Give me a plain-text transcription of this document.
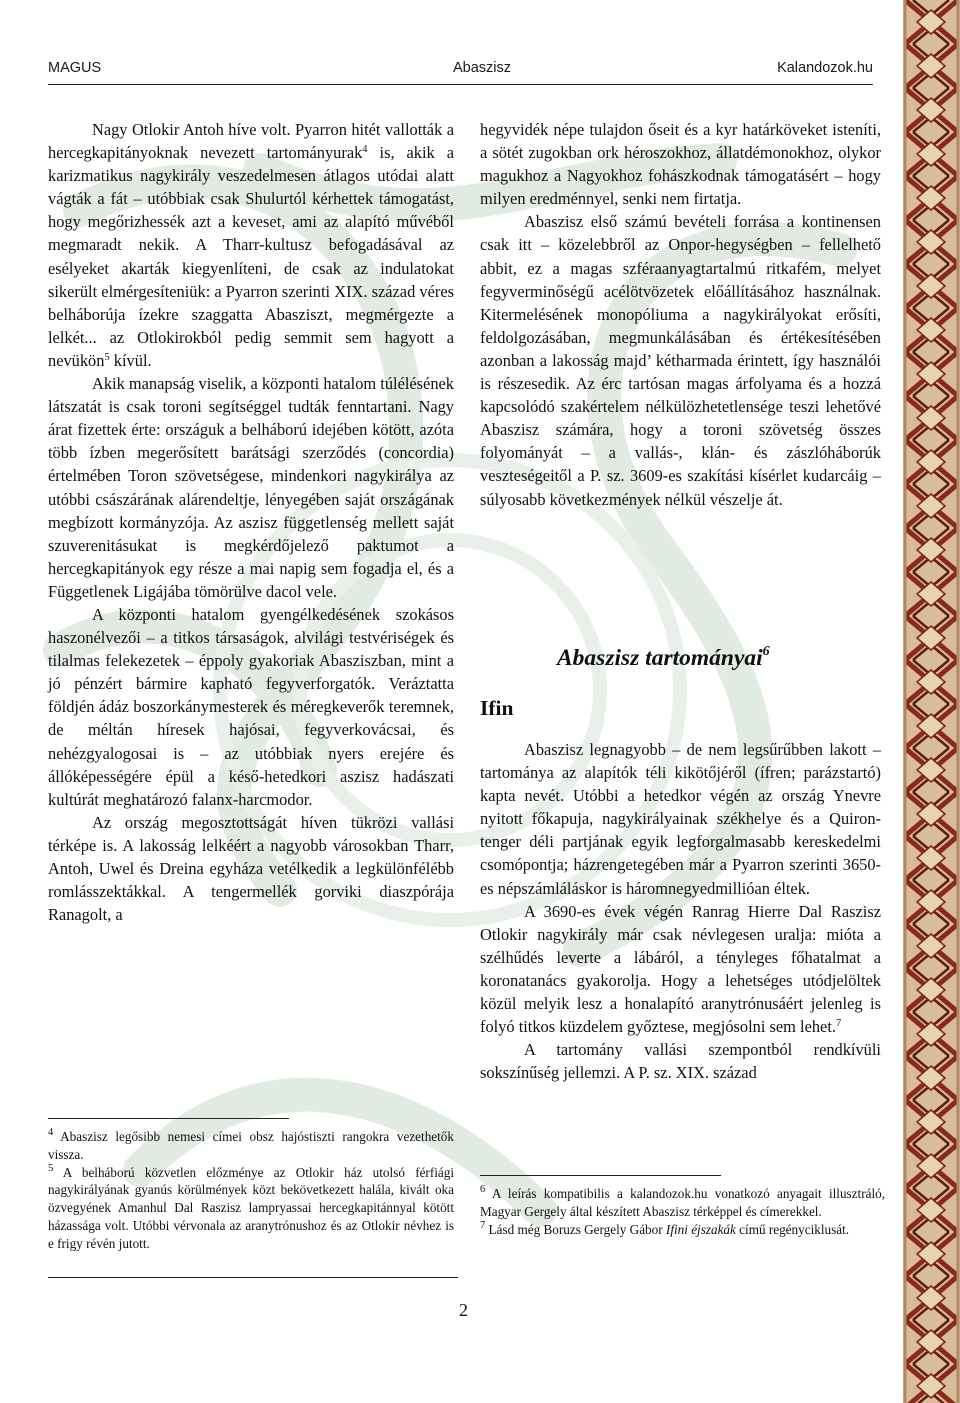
MAGUS	Abaszisz	Kalandozok.hu

Nagy Otlokir Antoh híve volt. Pyarron hitét vallották a hercegkapitányoknak nevezett tartományurak$^4$ is, akik a karizmatikus nagykirály veszedelmesen átlagos utódai alatt vágták a fát – utóbbiak csak Shulurtól kérhettek támogatást, hogy megőrizhessék azt a keveset, ami az alapító művéből megmaradt nekik. A Tharr-kultusz befogadásával az esélyeket akarták kiegyenlíteni, de csak az indulatokat sikerült elmérgesíteniük: a Pyarron szerinti XIX. század véres belháborúja ízekre szaggatta Abasziszt, megmérgezte a lelkét... az Otlokirokból pedig semmit sem hagyott a nevükön$^5$ kívül.

Akik manapság viselik, a központi hatalom túlélésének látszatát is csak toroni segítséggel tudták fenntartani. Nagy árat fizettek érte: országuk a belháború idejében kötött, azóta több ízben megerősített barátsági szerződés (concordia) értelmében Toron szövetségese, mindenkori nagykirálya az utóbbi császárának alárendeltje, lényegében saját országának megbízott kormányzója. Az aszisz függetlenség mellett saját szuverenitásukat is megkérdőjelező paktumot a hercegkapitányok egy része a mai napig sem fogadja el, és a Függetlenek Ligájába tömörülve dacol vele.

A központi hatalom gyengélkedésének szokásos haszonélvezői – a titkos társaságok, alvilági testvériségek és tilalmas felekezetek – éppoly gyakoriak Abasziszban, mint a jó pénzért bármire kapható fegyverforgatók. Veráztatta földjén ádáz boszorkánymesterek és méregkeverők teremnek, de méltán híresek hajósai, fegyverkovácsai, és nehézgyalogosai is – az utóbbiak nyers erejére és állóképességére épül a késő-hetedkori aszisz hadászati kultúrát meghatározó falanx-harcmodor.

Az ország megosztottságát híven tükrözi vallási térképe is. A lakosság lelkéért a nagyobb városokban Tharr, Antoh, Uwel és Dreina egyháza vetélkedik a legkülönfélébb romlásszektákkal. A tengermellék gorviki diaszpórája Ranagolt, a

$^4$ Abaszisz legősibb nemesi címei obsz hajóstiszti rangokra vezethetők vissza.

$^5$ A belháború közvetlen előzménye az Otlokir ház utolsó férfiági nagykirályának gyanús körülmények közt bekövetkezett halála, kivált oka özvegyének Amanhul Dal Raszisz lampryassai hercegkapitánnyal kötött házassága volt. Utóbbi vérvonala az aranytrónushoz és az Otlokir névhez is e frigy révén jutott.

hegyvidék népe tulajdon őseit és a kyr határköveket isteníti, a sötét zugokban ork héroszokhoz, állatdémonokhoz, olykor magukhoz a Nagyokhoz fohászkodnak támogatásért – hogy milyen eredménnyel, senki nem firtatja.

Abaszisz első számú bevételi forrása a kontinensen csak itt – közelebbről az Onpor-hegységben – fellelhető abbit, ez a magas szféraanyagtartalmú ritkafém, melyet fegyverminőségű acélötvözetek előállításához használnak. Kitermelésének monopóliuma a nagykirályokat erősíti, feldolgozásában, megmunkálásában és értékesítésében azonban a lakosság majd’ kétharmada érintett, így használói is részesedik. Az érc tartósan magas árfolyama és a hozzá kapcsolódó szakértelem nélkülözhetetlensége teszi lehetővé Abaszisz számára, hogy a toroni szövetség összes folyományát – a vallás-, klán- és zászlóháborúk veszteségeitől a P. sz. 3609-es szakítási kísérlet kudarcáig – súlyosabb következmények nélkül vészelje át.

Abaszisz tartományai$^6$
Ifin

Abaszisz legnagyobb – de nem legsűrűbben lakott – tartománya az alapítók téli kikötőjéről (ífren; parázstartó) kapta nevét. Utóbbi a hetedkor végén az ország Ynevre nyitott főkapuja, nagykirályainak székhelye és a Quiron-tenger déli partjának egyik legforgalmasabb kereskedelmi csomópontja; házrengetegében már a Pyarron szerinti 3650-es népszámláláskor is háromnegyedmillióan éltek.

A 3690-es évek végén Ranrag Hierre Dal Raszisz Otlokir nagykirály már csak névlegesen uralja: mióta a szélhűdés leverte a lábáról, a tényleges főhatalmat a koronatanács gyakorolja. Hogy a lehetséges utódjelöltek közül melyik lesz a honalapító aranytrónusáért jelenleg is folyó titkos küzdelem győztese, megjósolni sem lehet.$^7$

A tartomány vallási szempontból rendkívüli sokszínűség jellemzi. A P. sz. XIX. század

$^6$ A leírás kompatibilis a kalandozok.hu vonatkozó anyagait illusztráló, Magyar Gergely által készített Abaszisz térképpel és címerekkel.

$^7$ Lásd még Boruzs Gergely Gábor Ifini éjszakák című regényciklusát.

2
